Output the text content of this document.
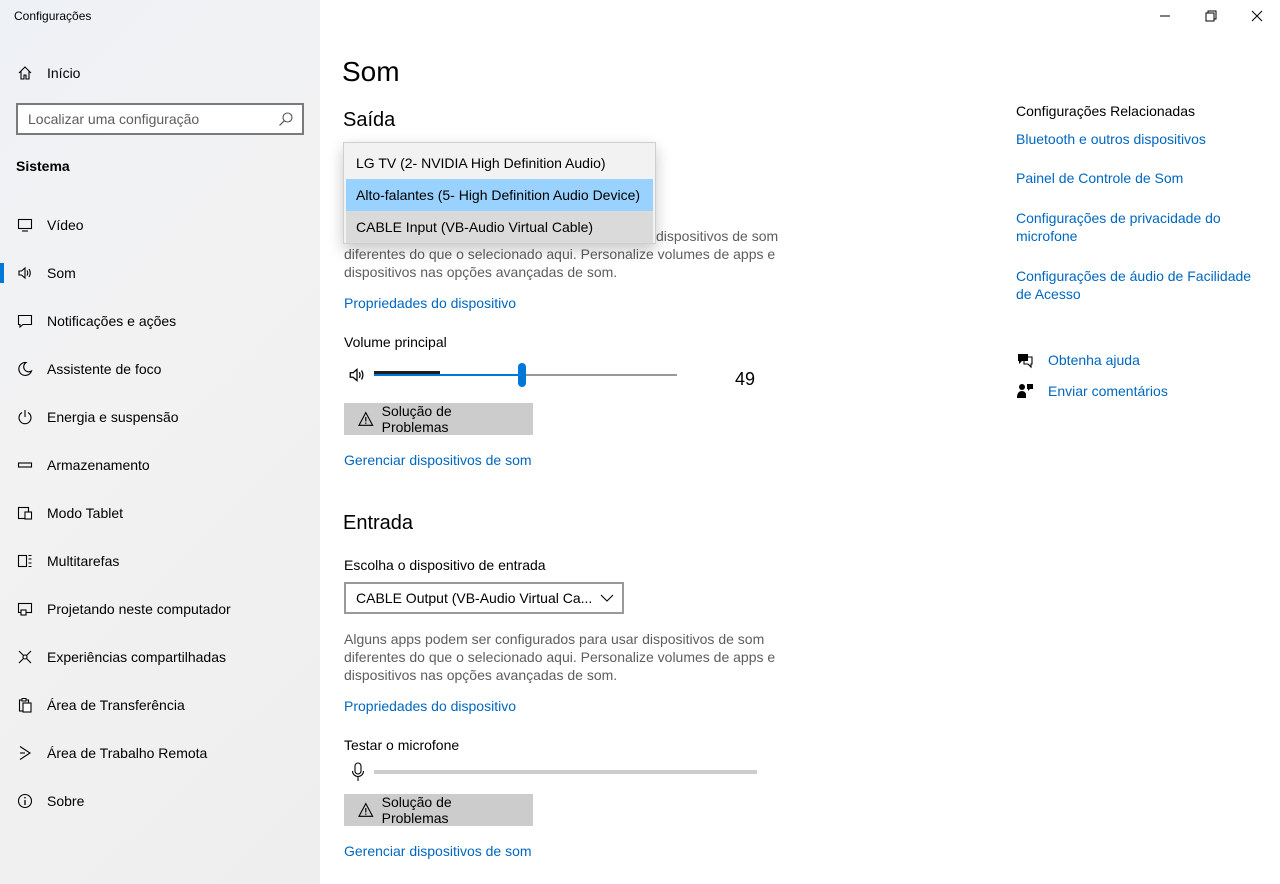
Configurações
Início
Localizar uma configuração
Sistema
Vídeo
Som
Notificações e ações
Assistente de foco
Energia e suspensão
Armazenamento
Modo Tablet
Multitarefas
Projetando neste computador
Experiências compartilhadas
Área de Transferência
Área de Trabalho Remota
Sobre
Som
Saída
dispositivos de som
diferentes do que o selecionado aqui. Personalize volumes de apps e
dispositivos nas opções avançadas de som.
Propriedades do dispositivo
Volume principal
49
Solução de Problemas
Gerenciar dispositivos de som
Entrada
Escolha o dispositivo de entrada
CABLE Output (VB-Audio Virtual Ca...
Alguns apps podem ser configurados para usar dispositivos de som
diferentes do que o selecionado aqui. Personalize volumes de apps e
dispositivos nas opções avançadas de som.
Propriedades do dispositivo
Testar o microfone
Solução de Problemas
Gerenciar dispositivos de som
LG TV (2- NVIDIA High Definition Audio)
Alto-falantes (5- High Definition Audio Device)
CABLE Input (VB-Audio Virtual Cable)
Configurações Relacionadas
Bluetooth e outros dispositivos
Painel de Controle de Som
Configurações de privacidade do microfone
Configurações de áudio de Facilidade de Acesso
Obtenha ajuda
Enviar comentários
